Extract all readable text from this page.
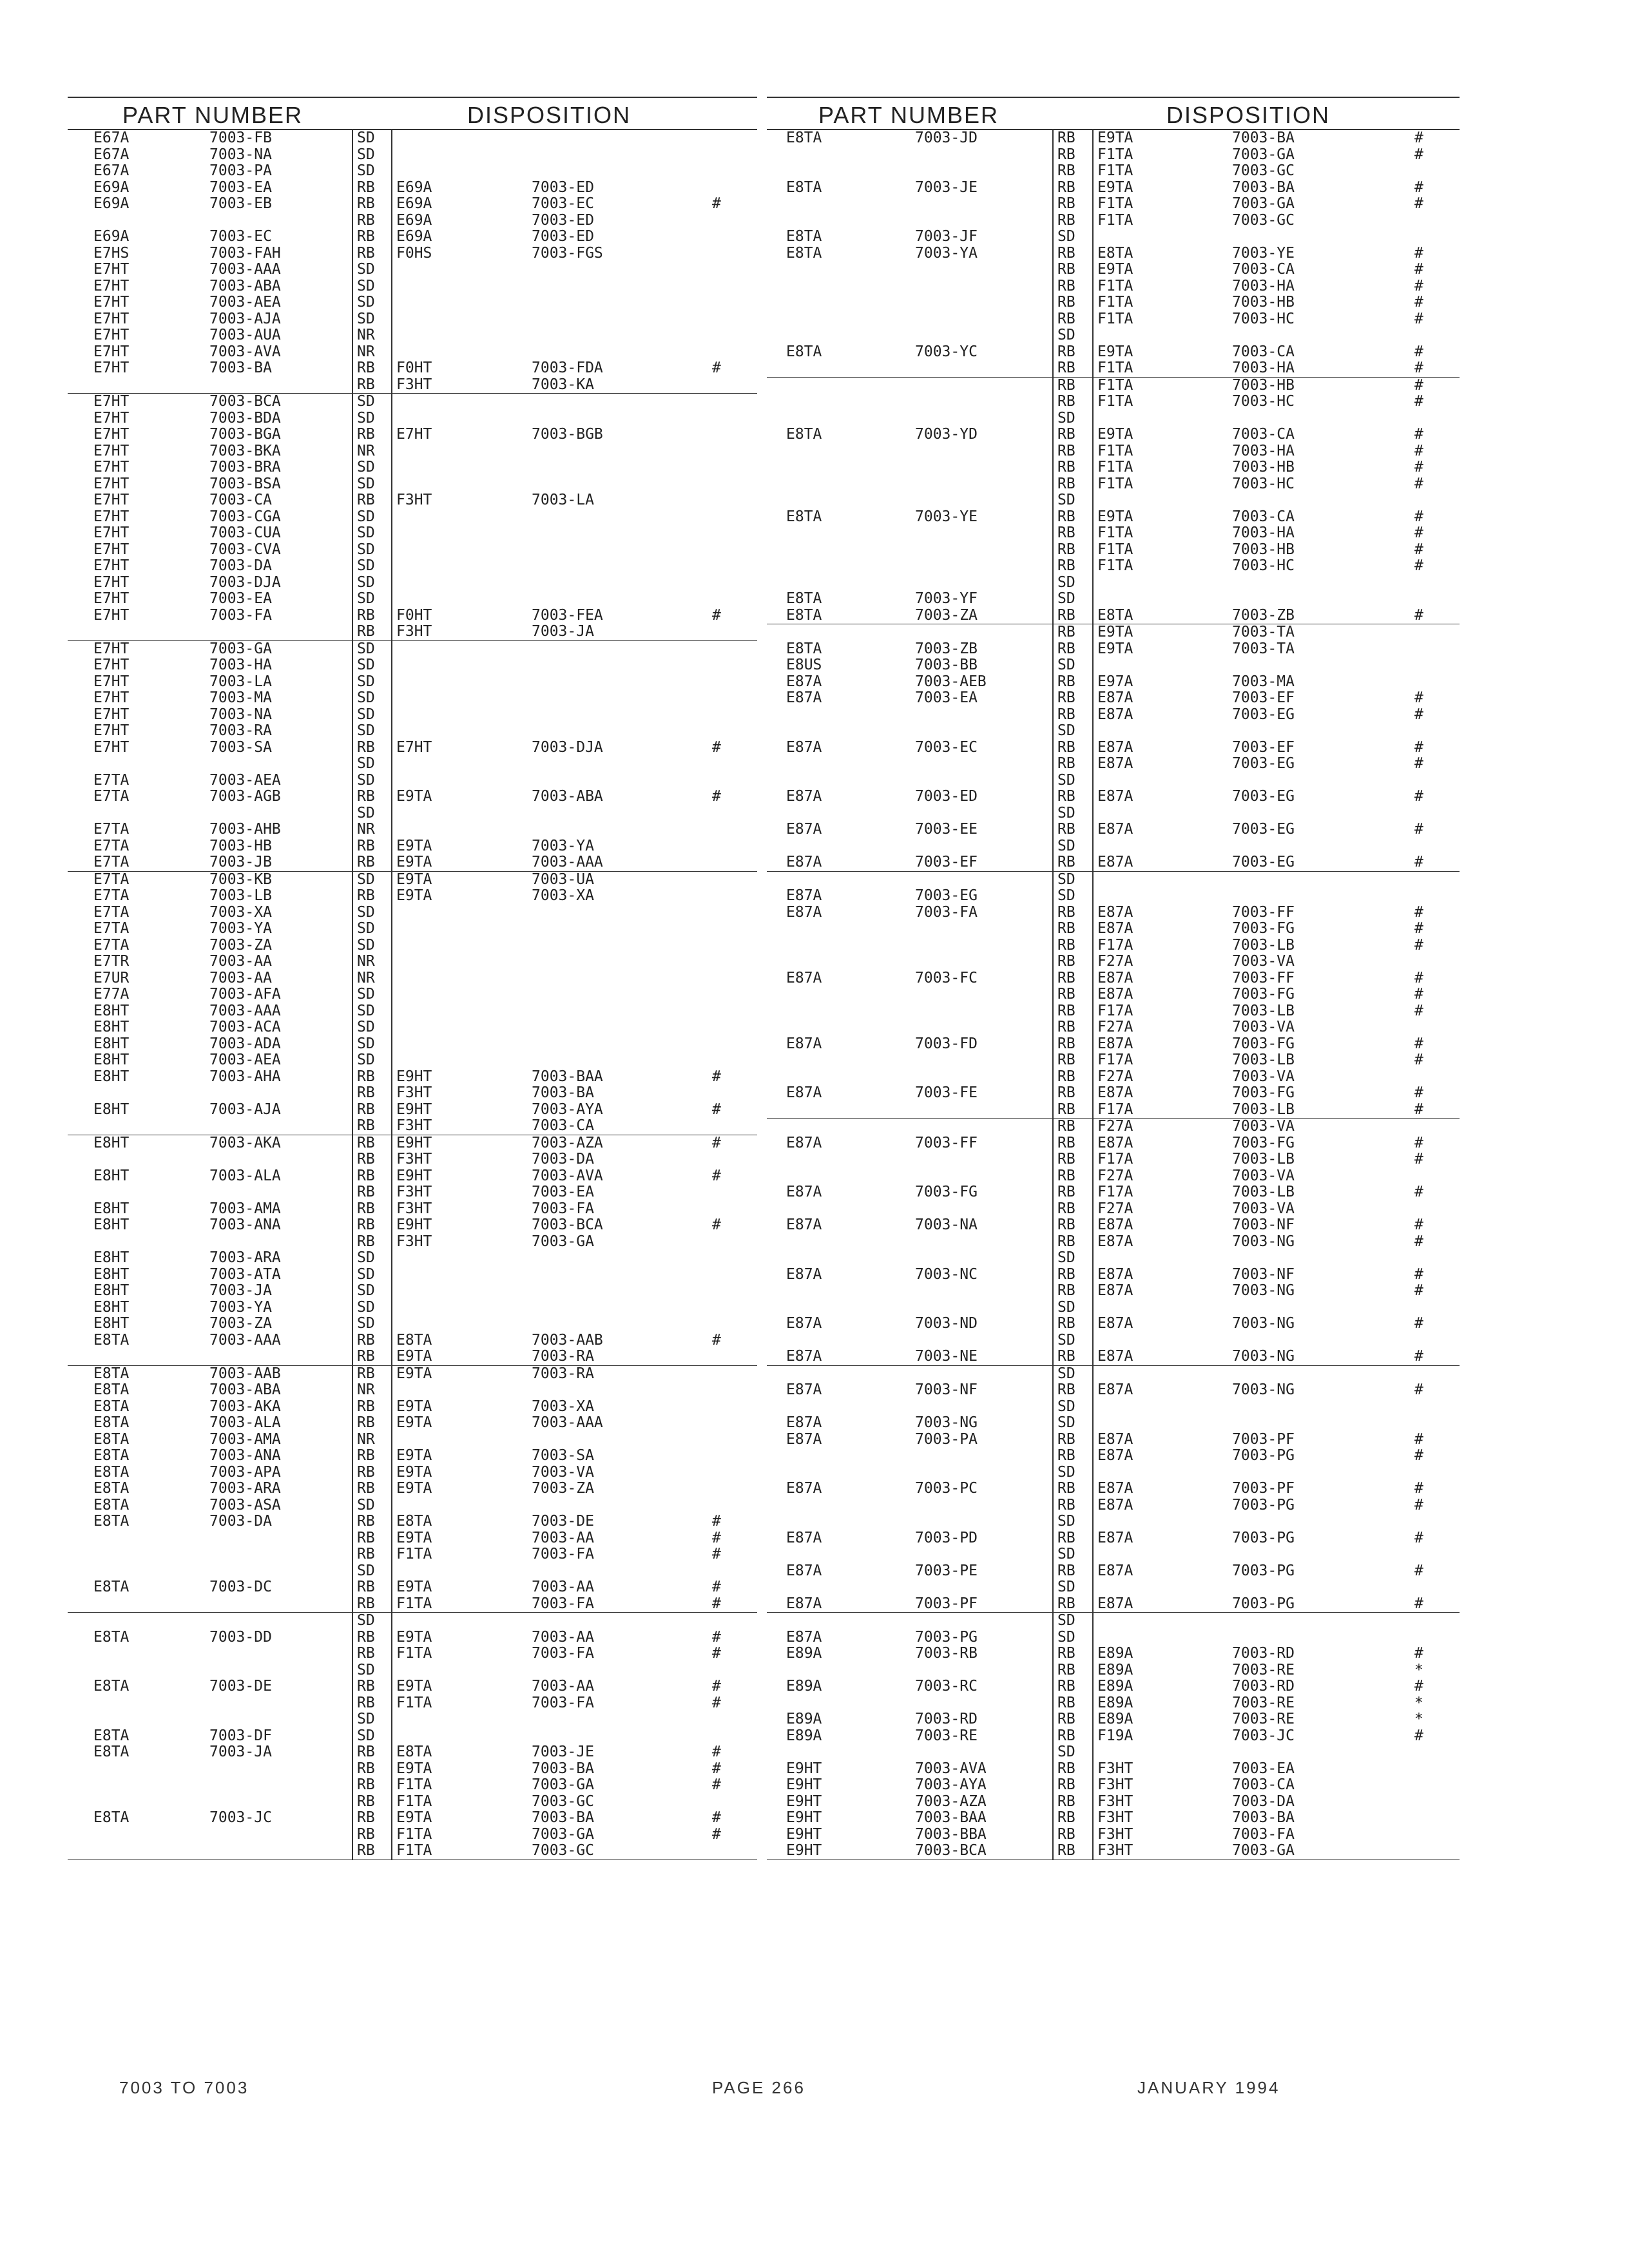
PART NUMBER	DISPOSITION
E67A	7003-FB	SD
E67A	7003-NA	SD
E67A	7003-PA	SD
E69A	7003-EA	RB E69A	7003-ED
E69A	7003-EB	RB E69A	7003-EC	#
RB E69A	7003-ED
E69A	7003-EC	RB E69A	7003-ED
E7HS	7003-FAH	RB F0HS	7003-FGS
E7HT	7003-AAA	SD
E7HT	7003-ABA	SD
E7HT	7003-AEA	SD
E7HT	7003-AJA	SD
E7HT	7003-AUA	NR
E7HT	7003-AVA	NR
E7HT	7003-BA	RB F0HT	7003-FDA	#
RB F3HT	7003-KA
E7HT	7003-BCA	SD
E7HT	7003-BDA	SD
E7HT	7003-BGA	RB E7HT	7003-BGB
E7HT	7003-BKA	NR
E7HT	7003-BRA	SD
E7HT	7003-BSA	SD
E7HT	7003-CA	RB F3HT	7003-LA
E7HT	7003-CGA	SD
E7HT	7003-CUA	SD
E7HT	7003-CVA	SD
E7HT	7003-DA	SD
E7HT	7003-DJA	SD
E7HT	7003-EA	SD
E7HT	7003-FA	RB F0HT	7003-FEA	#
RB F3HT	7003-JA
E7HT	7003-GA	SD
E7HT	7003-HA	SD
E7HT	7003-LA	SD
E7HT	7003-MA	SD
E7HT	7003-NA	SD
E7HT	7003-RA	SD
E7HT	7003-SA	RB E7HT	7003-DJA	#
SD
E7TA	7003-AEA	SD
E7TA	7003-AGB	RB E9TA	7003-ABA	#
SD
E7TA	7003-AHB	NR
E7TA	7003-HB	RB E9TA	7003-YA
E7TA	7003-JB	RB E9TA	7003-AAA
E7TA	7003-KB	SD E9TA	7003-UA
E7TA	7003-LB	RB E9TA	7003-XA
E7TA	7003-XA	SD
E7TA	7003-YA	SD
E7TA	7003-ZA	SD
E7TR	7003-AA	NR
E7UR	7003-AA	NR
E77A	7003-AFA	SD
E8HT	7003-AAA	SD
E8HT	7003-ACA	SD
E8HT	7003-ADA	SD
E8HT	7003-AEA	SD
E8HT	7003-AHA	RB E9HT	7003-BAA	#
RB F3HT	7003-BA
E8HT	7003-AJA	RB E9HT	7003-AYA	#
RB F3HT	7003-CA
E8HT	7003-AKA	RB E9HT	7003-AZA	#
RB F3HT	7003-DA
E8HT	7003-ALA	RB E9HT	7003-AVA	#
RB F3HT	7003-EA
E8HT	7003-AMA	RB F3HT	7003-FA
E8HT	7003-ANA	RB E9HT	7003-BCA	#
RB F3HT	7003-GA
E8HT	7003-ARA	SD
E8HT	7003-ATA	SD
E8HT	7003-JA	SD
E8HT	7003-YA	SD
E8HT	7003-ZA	SD
E8TA	7003-AAA	RB E8TA	7003-AAB	#
RB E9TA	7003-RA
E8TA	7003-AAB	RB E9TA	7003-RA
E8TA	7003-ABA	NR
E8TA	7003-AKA	RB E9TA	7003-XA
E8TA	7003-ALA	RB E9TA	7003-AAA
E8TA	7003-AMA	NR
E8TA	7003-ANA	RB E9TA	7003-SA
E8TA	7003-APA	RB E9TA	7003-VA
E8TA	7003-ARA	RB E9TA	7003-ZA
E8TA	7003-ASA	SD
E8TA	7003-DA	RB E8TA	7003-DE	#
RB E9TA	7003-AA	#
RB F1TA	7003-FA	#
SD
E8TA	7003-DC	RB E9TA	7003-AA	#
RB F1TA	7003-FA	#
SD
E8TA	7003-DD	RB E9TA	7003-AA	#
RB F1TA	7003-FA	#
SD
E8TA	7003-DE	RB E9TA	7003-AA	#
RB F1TA	7003-FA	#
SD
E8TA	7003-DF	SD
E8TA	7003-JA	RB E8TA	7003-JE	#
RB E9TA	7003-BA	#
RB F1TA	7003-GA	#
RB F1TA	7003-GC
E8TA	7003-JC	RB E9TA	7003-BA	#
RB F1TA	7003-GA	#
RB F1TA	7003-GC
PART NUMBER	DISPOSITION
E8TA	7003-JD	RB E9TA	7003-BA	#
RB F1TA	7003-GA	#
RB F1TA	7003-GC
E8TA	7003-JE	RB E9TA	7003-BA	#
RB F1TA	7003-GA	#
RB F1TA	7003-GC
E8TA	7003-JF	SD
E8TA	7003-YA	RB E8TA	7003-YE	#
RB E9TA	7003-CA	#
RB F1TA	7003-HA	#
RB F1TA	7003-HB	#
RB F1TA	7003-HC	#
SD
E8TA	7003-YC	RB E9TA	7003-CA	#
RB F1TA	7003-HA	#
RB F1TA	7003-HB	#
RB F1TA	7003-HC	#
SD
E8TA	7003-YD	RB E9TA	7003-CA	#
RB F1TA	7003-HA	#
RB F1TA	7003-HB	#
RB F1TA	7003-HC	#
SD
E8TA	7003-YE	RB E9TA	7003-CA	#
RB F1TA	7003-HA	#
RB F1TA	7003-HB	#
RB F1TA	7003-HC	#
SD
E8TA	7003-YF	SD
E8TA	7003-ZA	RB E8TA	7003-ZB	#
RB E9TA	7003-TA
E8TA	7003-ZB	RB E9TA	7003-TA
E8US	7003-BB	SD
E87A	7003-AEB	RB E97A	7003-MA
E87A	7003-EA	RB E87A	7003-EF	#
RB E87A	7003-EG	#
SD
E87A	7003-EC	RB E87A	7003-EF	#
RB E87A	7003-EG	#
SD
E87A	7003-ED	RB E87A	7003-EG	#
SD
E87A	7003-EE	RB E87A	7003-EG	#
SD
E87A	7003-EF	RB E87A	7003-EG	#
SD
E87A	7003-EG	SD
E87A	7003-FA	RB E87A	7003-FF	#
RB E87A	7003-FG	#
RB F17A	7003-LB	#
RB F27A	7003-VA
E87A	7003-FC	RB E87A	7003-FF	#
RB E87A	7003-FG	#
RB F17A	7003-LB	#
RB F27A	7003-VA
E87A	7003-FD	RB E87A	7003-FG	#
RB F17A	7003-LB	#
RB F27A	7003-VA
E87A	7003-FE	RB E87A	7003-FG	#
RB F17A	7003-LB	#
RB F27A	7003-VA
E87A	7003-FF	RB E87A	7003-FG	#
RB F17A	7003-LB	#
RB F27A	7003-VA
E87A	7003-FG	RB F17A	7003-LB	#
RB F27A	7003-VA
E87A	7003-NA	RB E87A	7003-NF	#
RB E87A	7003-NG	#
SD
E87A	7003-NC	RB E87A	7003-NF	#
RB E87A	7003-NG	#
SD
E87A	7003-ND	RB E87A	7003-NG	#
SD
E87A	7003-NE	RB E87A	7003-NG	#
SD
E87A	7003-NF	RB E87A	7003-NG	#
SD
E87A	7003-NG	SD
E87A	7003-PA	RB E87A	7003-PF	#
RB E87A	7003-PG	#
SD
E87A	7003-PC	RB E87A	7003-PF	#
RB E87A	7003-PG	#
SD
E87A	7003-PD	RB E87A	7003-PG	#
SD
E87A	7003-PE	RB E87A	7003-PG	#
SD
E87A	7003-PF	RB E87A	7003-PG	#
SD
E87A	7003-PG	SD
E89A	7003-RB	RB E89A	7003-RD	#
RB E89A	7003-RE	*
E89A	7003-RC	RB E89A	7003-RD	#
RB E89A	7003-RE	*
E89A	7003-RD	RB E89A	7003-RE	*
E89A	7003-RE	RB F19A	7003-JC	#
SD
E9HT	7003-AVA	RB F3HT	7003-EA
E9HT	7003-AYA	RB F3HT	7003-CA
E9HT	7003-AZA	RB F3HT	7003-DA
E9HT	7003-BAA	RB F3HT	7003-BA
E9HT	7003-BBA	RB F3HT	7003-FA
E9HT	7003-BCA	RB F3HT	7003-GA
7003 TO 7003	PAGE 266	JANUARY 1994
